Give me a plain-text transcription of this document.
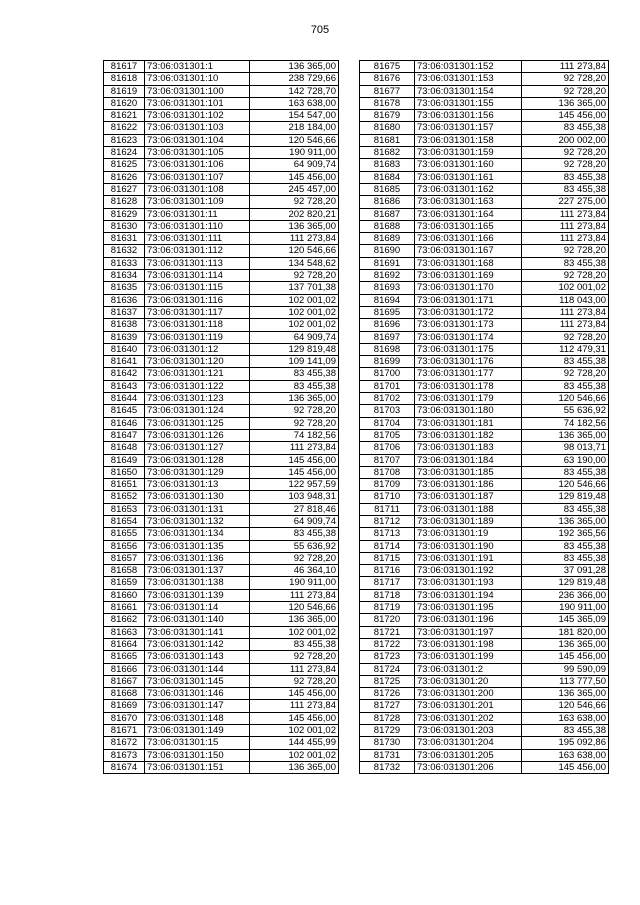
705
81617	73:06:031301:1	136 365,00
81618	73:06:031301:10	238 729,66
81619	73:06:031301:100	142 728,70
81620	73:06:031301:101	163 638,00
81621	73:06:031301:102	154 547,00
81622	73:06:031301:103	218 184,00
81623	73:06:031301:104	120 546,66
81624	73:06:031301:105	190 911,00
81625	73:06:031301:106	64 909,74
81626	73:06:031301:107	145 456,00
81627	73:06:031301:108	245 457,00
81628	73:06:031301:109	92 728,20
81629	73:06:031301:11	202 820,21
81630	73:06:031301:110	136 365,00
81631	73:06:031301:111	111 273,84
81632	73:06:031301:112	120 546,66
81633	73:06:031301:113	134 548,62
81634	73:06:031301:114	92 728,20
81635	73:06:031301:115	137 701,38
81636	73:06:031301:116	102 001,02
81637	73:06:031301:117	102 001,02
81638	73:06:031301:118	102 001,02
81639	73:06:031301:119	64 909,74
81640	73:06:031301:12	129 819,48
81641	73:06:031301:120	109 141,09
81642	73:06:031301:121	83 455,38
81643	73:06:031301:122	83 455,38
81644	73:06:031301:123	136 365,00
81645	73:06:031301:124	92 728,20
81646	73:06:031301:125	92 728,20
81647	73:06:031301:126	74 182,56
81648	73:06:031301:127	111 273,84
81649	73:06:031301:128	145 456,00
81650	73:06:031301:129	145 456,00
81651	73:06:031301:13	122 957,59
81652	73:06:031301:130	103 948,31
81653	73:06:031301:131	27 818,46
81654	73:06:031301:132	64 909,74
81655	73:06:031301:134	83 455,38
81656	73:06:031301:135	55 636,92
81657	73:06:031301:136	92 728,20
81658	73:06:031301:137	46 364,10
81659	73:06:031301:138	190 911,00
81660	73:06:031301:139	111 273,84
81661	73:06:031301:14	120 546,66
81662	73:06:031301:140	136 365,00
81663	73:06:031301:141	102 001,02
81664	73:06:031301:142	83 455,38
81665	73:06:031301:143	92 728,20
81666	73:06:031301:144	111 273,84
81667	73:06:031301:145	92 728,20
81668	73:06:031301:146	145 456,00
81669	73:06:031301:147	111 273,84
81670	73:06:031301:148	145 456,00
81671	73:06:031301:149	102 001,02
81672	73:06:031301:15	144 455,99
81673	73:06:031301:150	102 001,02
81674	73:06:031301:151	136 365,00
81675	73:06:031301:152	111 273,84
81676	73:06:031301:153	92 728,20
81677	73:06:031301:154	92 728,20
81678	73:06:031301:155	136 365,00
81679	73:06:031301:156	145 456,00
81680	73:06:031301:157	83 455,38
81681	73:06:031301:158	200 002,00
81682	73:06:031301:159	92 728,20
81683	73:06:031301:160	92 728,20
81684	73:06:031301:161	83 455,38
81685	73:06:031301:162	83 455,38
81686	73:06:031301:163	227 275,00
81687	73:06:031301:164	111 273,84
81688	73:06:031301:165	111 273,84
81689	73:06:031301:166	111 273,84
81690	73:06:031301:167	92 728,20
81691	73:06:031301:168	83 455,38
81692	73:06:031301:169	92 728,20
81693	73:06:031301:170	102 001,02
81694	73:06:031301:171	118 043,00
81695	73:06:031301:172	111 273,84
81696	73:06:031301:173	111 273,84
81697	73:06:031301:174	92 728,20
81698	73:06:031301:175	112 479,31
81699	73:06:031301:176	83 455,38
81700	73:06:031301:177	92 728,20
81701	73:06:031301:178	83 455,38
81702	73:06:031301:179	120 546,66
81703	73:06:031301:180	55 636,92
81704	73:06:031301:181	74 182,56
81705	73:06:031301:182	136 365,00
81706	73:06:031301:183	98 013,71
81707	73:06:031301:184	63 190,00
81708	73:06:031301:185	83 455,38
81709	73:06:031301:186	120 546,66
81710	73:06:031301:187	129 819,48
81711	73:06:031301:188	83 455,38
81712	73:06:031301:189	136 365,00
81713	73:06:031301:19	192 365,56
81714	73:06:031301:190	83 455,38
81715	73:06:031301:191	83 455,38
81716	73:06:031301:192	37 091,28
81717	73:06:031301:193	129 819,48
81718	73:06:031301:194	236 366,00
81719	73:06:031301:195	190 911,00
81720	73:06:031301:196	145 365,09
81721	73:06:031301:197	181 820,00
81722	73:06:031301:198	136 365,00
81723	73:06:031301:199	145 456,00
81724	73:06:031301:2	99 590,09
81725	73:06:031301:20	113 777,50
81726	73:06:031301:200	136 365,00
81727	73:06:031301:201	120 546,66
81728	73:06:031301:202	163 638,00
81729	73:06:031301:203	83 455,38
81730	73:06:031301:204	195 092,86
81731	73:06:031301:205	163 638,00
81732	73:06:031301:206	145 456,00
